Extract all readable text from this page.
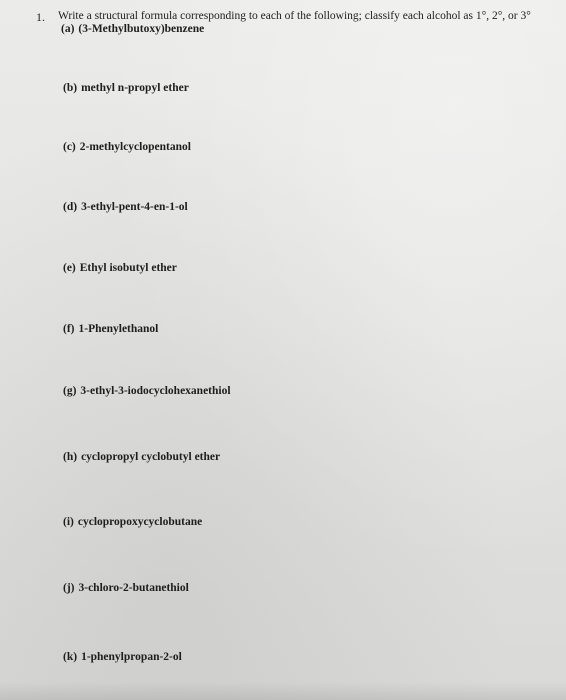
1. Write a structural formula corresponding to each of the following; classify each alcohol as 1°, 2°, or 3°
(a) (3-Methylbutoxy)benzene
(b) methyl n-propyl ether
(c) 2-methylcyclopentanol
(d) 3-ethyl-pent-4-en-1-ol
(e) Ethyl isobutyl ether
(f) 1-Phenylethanol
(g) 3-ethyl-3-iodocyclohexanethiol
(h) cyclopropyl cyclobutyl ether
(i) cyclopropoxycyclobutane
(j) 3-chloro-2-butanethiol
(k) 1-phenylpropan-2-ol
